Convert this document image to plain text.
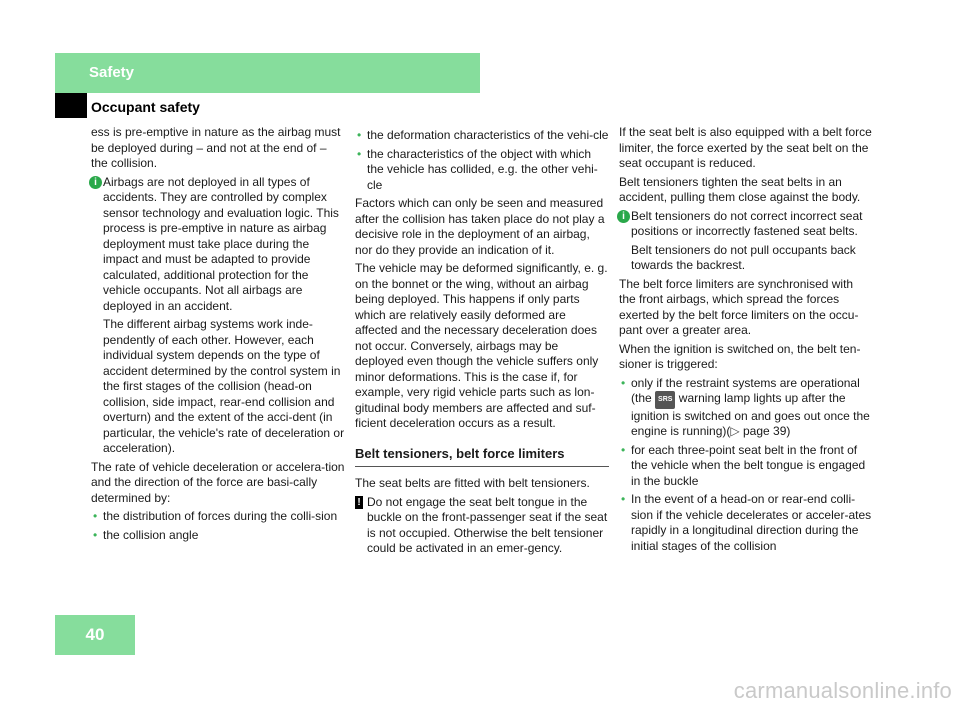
Safety
Occupant safety

ess is pre-emptive in nature as the airbag must be deployed during – and not at the end of – the collision.

i Airbags are not deployed in all types of accidents. They are controlled by complex sensor technology and evaluation logic. This process is pre-emptive in nature as airbag deployment must take place during the impact and must be adapted to provide calculated, additional protection for the vehicle occupants. Not all airbags are deployed in an accident.

The different airbag systems work inde-pendently of each other. However, each individual system depends on the type of accident determined by the control system in the first stages of the collision (head-on collision, side impact, rear-end collision and overturn) and the extent of the acci-dent (in particular, the vehicle's rate of deceleration or acceleration).

The rate of vehicle deceleration or accelera-tion and the direction of the force are basi-cally determined by:

• the distribution of forces during the colli-sion
• the collision angle
• the deformation characteristics of the vehi-cle
• the characteristics of the object with which the vehicle has collided, e.g. the other vehi-cle

Factors which can only be seen and measured after the collision has taken place do not play a decisive role in the deployment of an airbag, nor do they provide an indication of it.

The vehicle may be deformed significantly, e. g. on the bonnet or the wing, without an airbag being deployed. This happens if only parts which are relatively easily deformed are affected and the necessary deceleration does not occur. Conversely, airbags may be deployed even though the vehicle suffers only minor deformations. This is the case if, for example, very rigid vehicle parts such as lon-gitudinal body members are affected and suf-ficient deceleration occurs as a result.

Belt tensioners, belt force limiters

The seat belts are fitted with belt tensioners.

! Do not engage the seat belt tongue in the buckle on the front-passenger seat if the seat is not occupied. Otherwise the belt tensioner could be activated in an emer-gency.

If the seat belt is also equipped with a belt force limiter, the force exerted by the seat belt on the seat occupant is reduced.

Belt tensioners tighten the seat belts in an accident, pulling them close against the body.

i Belt tensioners do not correct incorrect seat positions or incorrectly fastened seat belts.

Belt tensioners do not pull occupants back towards the backrest.

The belt force limiters are synchronised with the front airbags, which spread the forces exerted by the belt force limiters on the occu-pant over a greater area.

When the ignition is switched on, the belt ten-sioner is triggered:

• only if the restraint systems are operational (the SRS warning lamp lights up after the ignition is switched on and goes out once the engine is running)(▷ page 39)
• for each three-point seat belt in the front of the vehicle when the belt tongue is engaged in the buckle
• In the event of a head-on or rear-end colli-sion if the vehicle decelerates or acceler-ates rapidly in a longitudinal direction during the initial stages of the collision
40
carmanualsonline.info
